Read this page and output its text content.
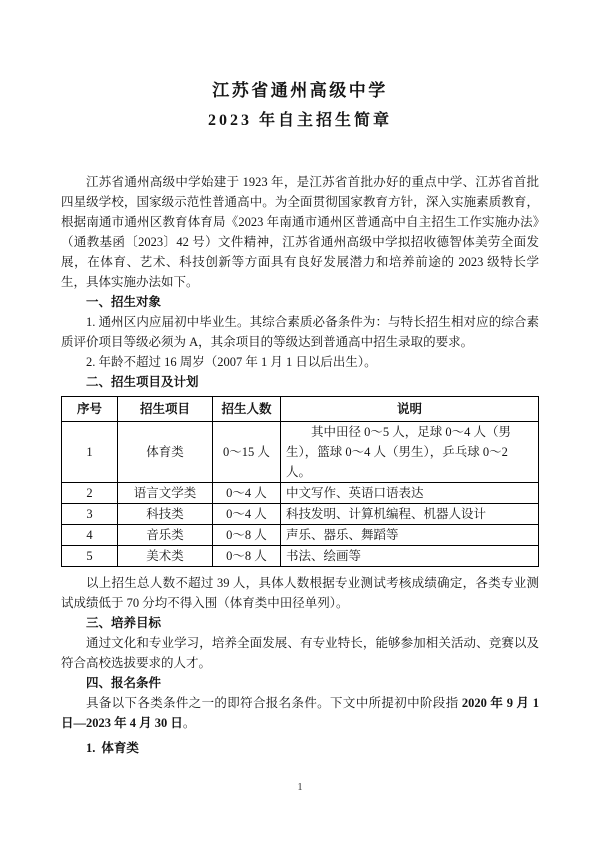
江苏省通州高级中学
2023 年自主招生简章

江苏省通州高级中学始建于 1923 年，是江苏省首批办好的重点中学、江苏省首批四星级学校，国家级示范性普通高中。为全面贯彻国家教育方针，深入实施素质教育，根据南通市通州区教育体育局《2023 年南通市通州区普通高中自主招生工作实施办法》（通教基函〔2023〕42 号）文件精神，江苏省通州高级中学拟招收德智体美劳全面发展，在体育、艺术、科技创新等方面具有良好发展潜力和培养前途的 2023 级特长学生，具体实施办法如下。

一、招生对象

1. 通州区内应届初中毕业生。其综合素质必备条件为：与特长招生相对应的综合素质评价项目等级必须为 A，其余项目的等级达到普通高中招生录取的要求。

2. 年龄不超过 16 周岁（2007 年 1 月 1 日以后出生）。

二、招生项目及计划

序号	招生项目	招生人数	说明
1	体育类	0～15 人	其中田径 0～5 人，足球 0～4 人（男生），篮球 0～4 人（男生），乒乓球 0～2 人。
2	语言文学类	0～4 人	中文写作、英语口语表达
3	科技类	0～4 人	科技发明、计算机编程、机器人设计
4	音乐类	0～8 人	声乐、器乐、舞蹈等
5	美术类	0～8 人	书法、绘画等

以上招生总人数不超过 39 人，具体人数根据专业测试考核成绩确定，各类专业测试成绩低于 70 分均不得入围（体育类中田径单列）。

三、培养目标

通过文化和专业学习，培养全面发展、有专业特长，能够参加相关活动、竞赛以及符合高校选拔要求的人才。

四、报名条件

具备以下各类条件之一的即符合报名条件。下文中所提初中阶段指 2020 年 9 月 1 日—2023 年 4 月 30 日。

1. 体育类

1
